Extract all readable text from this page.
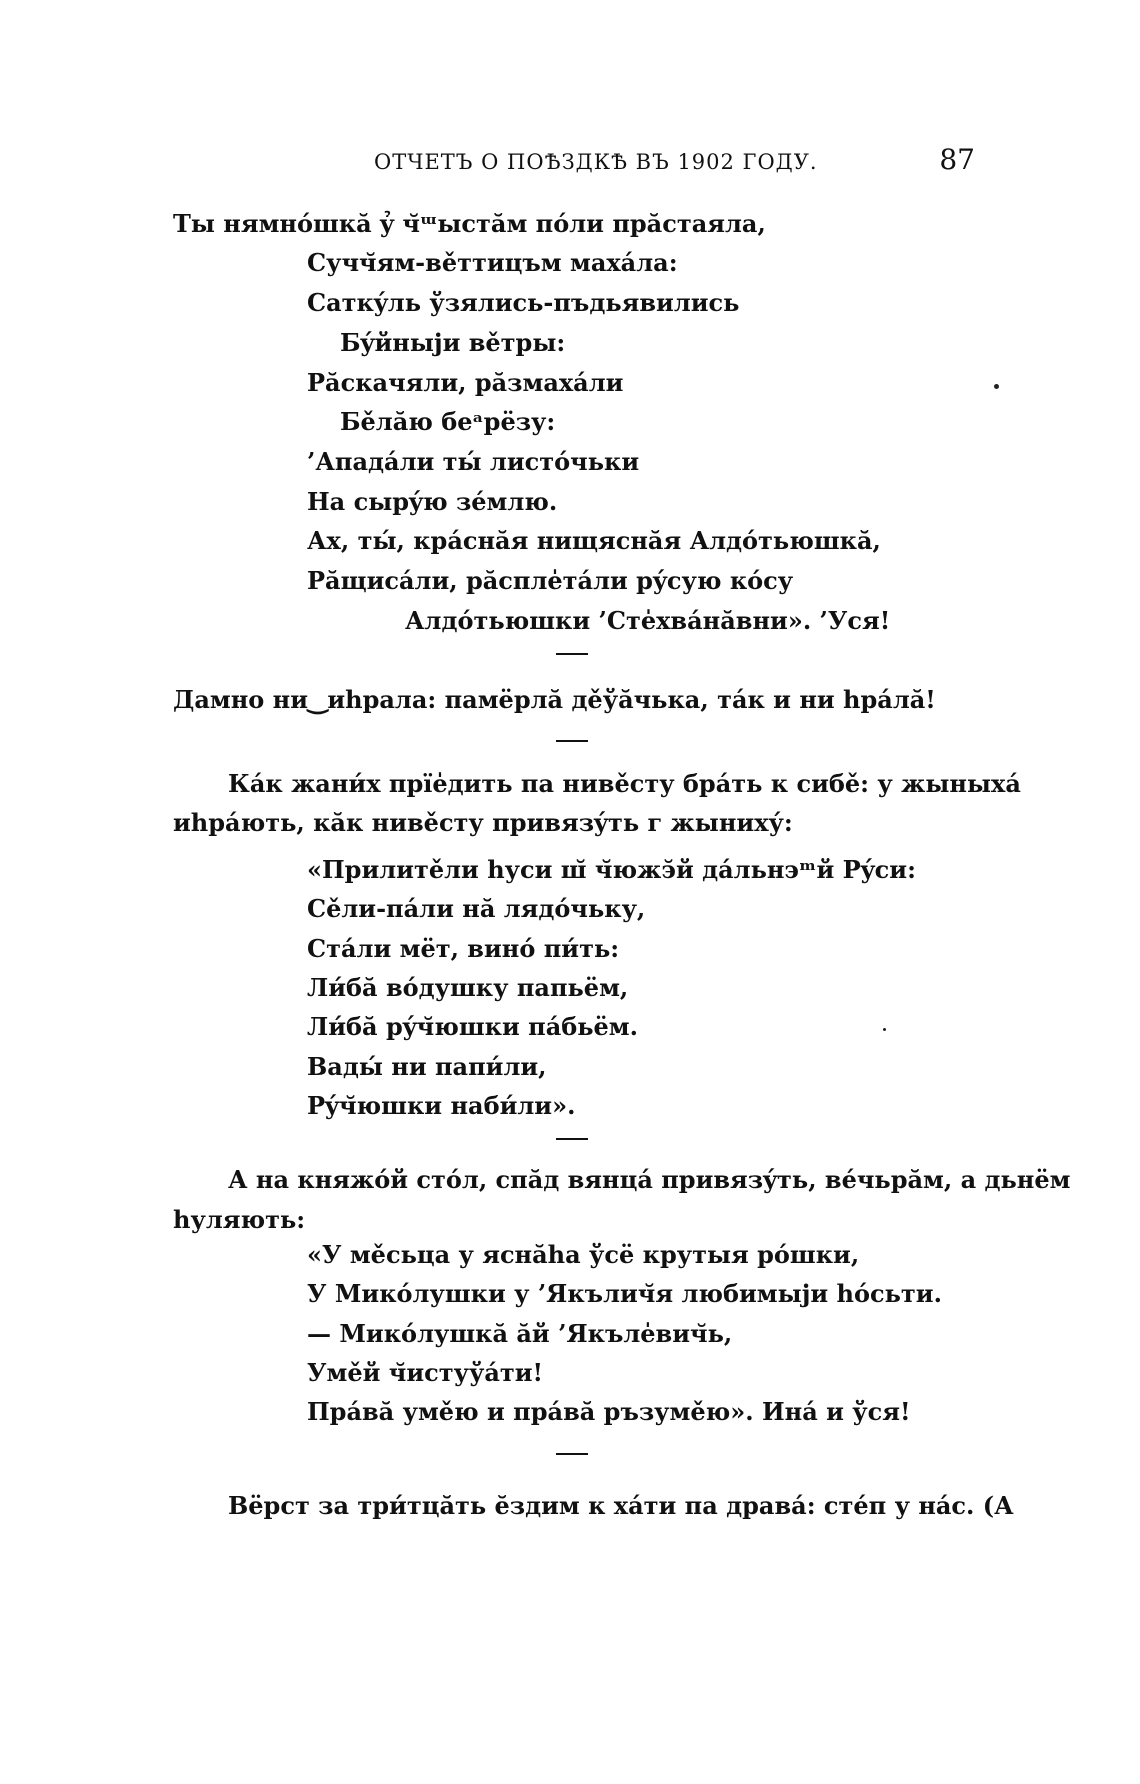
ОТЧЕТЪ О ПОѢЗДКѢ ВЪ 1902 ГОДУ.	87
Ты нямнóшкă ỷ ч̆ᵚыстăм пóли прăстаяла,
Сучч̆ям-вěттицъм махáла:
Саткýль ўзялись-пъдьявились
Бýйныји вěтры:
Рăскачяли, рăзмахáли
Бěлăю беᵃрёзу:
’Ападáли ты́ листóчьки
На сырýю зéмлю.
Ах, ты́, крáснăя нищяснăя Алдóтьюшкă,
Рăщисáли, рăспле̍тáли рýсую кóсу
Алдóтьюшки ’Сте̍хвáнăвни». ’Уся!
Дамно ни‿иһрала: памёрлă дěўăчька, тáк и ни һрáлă!
Кáк жани́х прїе̍дить па нивěсту брáть к сибě: у жыныхá
иһрáють, кăк нивěсту привязýть г жыниху́:
«Прилитěли һуси ш̆ ч̆южэ̆й дáльнэᵐй Рýси:
Сěли-пáли нă лядóчьку,
Стáли мёт, винó пи́ть:
Ли́бă вóдушку папьём,
Ли́бă рýч̆юшки пáбьём.
Вады́ ни папи́ли,
Рýч̆юшки наби́ли».
А на княжóй стóл, спăд вянцá привязýть, вéчьрăм, а дьнём
һуляють:
«У мěсьца у яснăһа ўсё крутыя рóшки,
У Микóлушки у ’Якълич̆я любимыји һóсьти.
— Микóлушкă ăй ’Якъле̍вич̆ь,
Умěй ч̆истуўáти!
Прáвă умěю и прáвă ръзумěю». Инá и ўся!
Вёрст за три́тцăть ӗздим к хáти па дравá: стéп у нáс. (А
